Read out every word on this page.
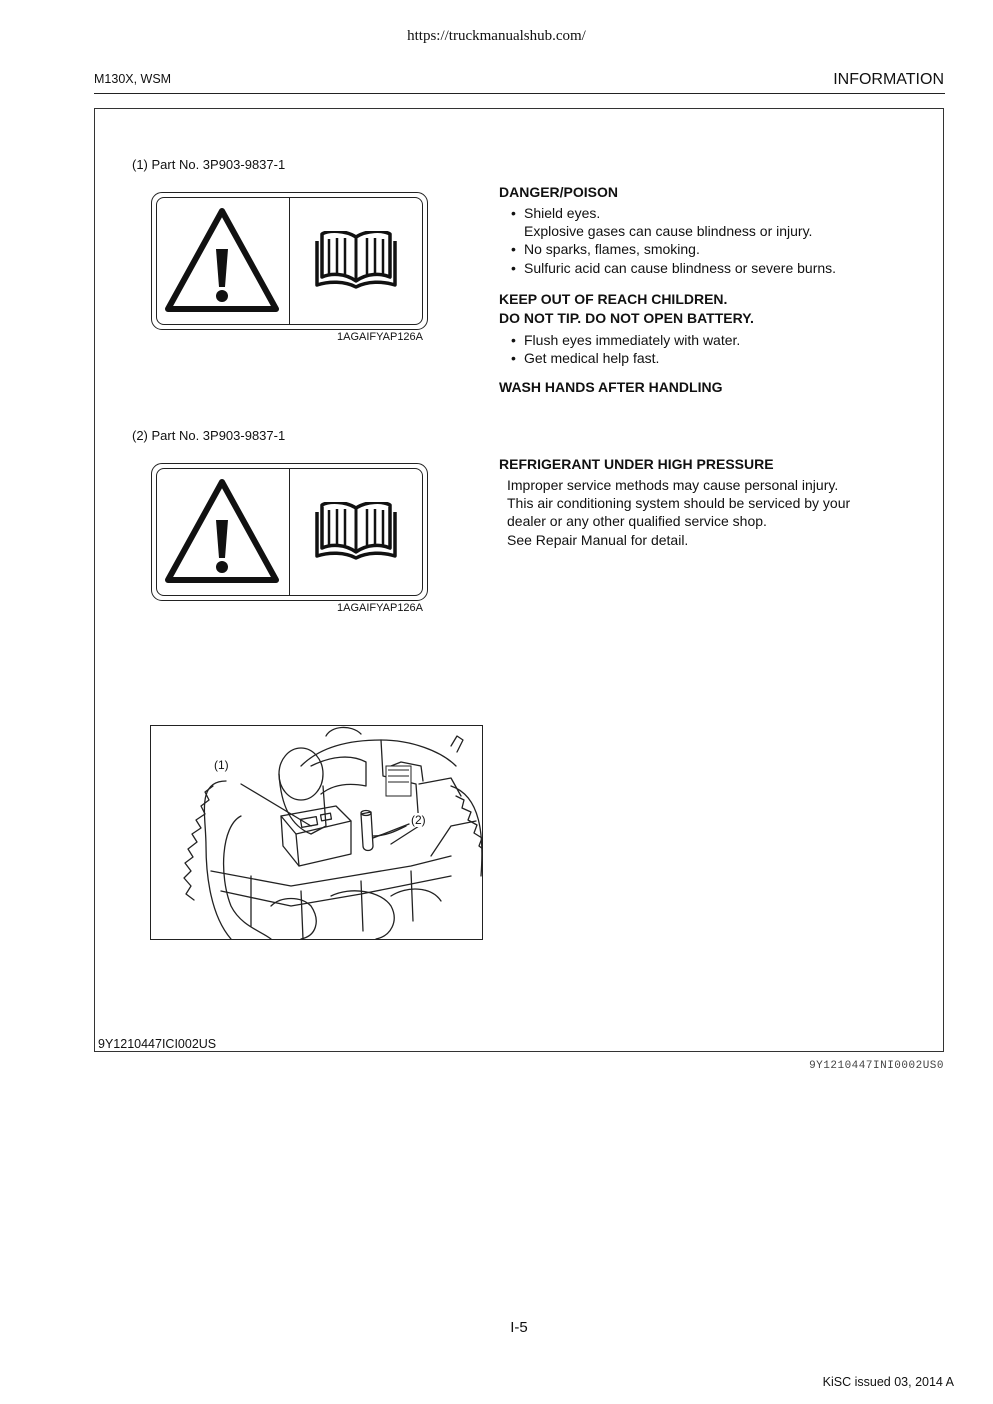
https://truckmanualshub.com/
M130X, WSM	INFORMATION
(1) Part No. 3P903-9837-1
1AGAIFYAP126A
DANGER/POISON
• Shield eyes.
Explosive gases can cause blindness or injury.
• No sparks, flames, smoking.
• Sulfuric acid can cause blindness or severe burns.
KEEP OUT OF REACH CHILDREN.
DO NOT TIP. DO NOT OPEN BATTERY.
• Flush eyes immediately with water.
• Get medical help fast.
WASH HANDS AFTER HANDLING
(2) Part No. 3P903-9837-1
1AGAIFYAP126A
REFRIGERANT UNDER HIGH PRESSURE
Improper service methods may cause personal injury.
This air conditioning system should be serviced by your
dealer or any other qualified service shop.
See Repair Manual for detail.
(1)
(2)
9Y1210447ICI002US
9Y1210447INI0002US0
I-5
KiSC issued 03, 2014 A
